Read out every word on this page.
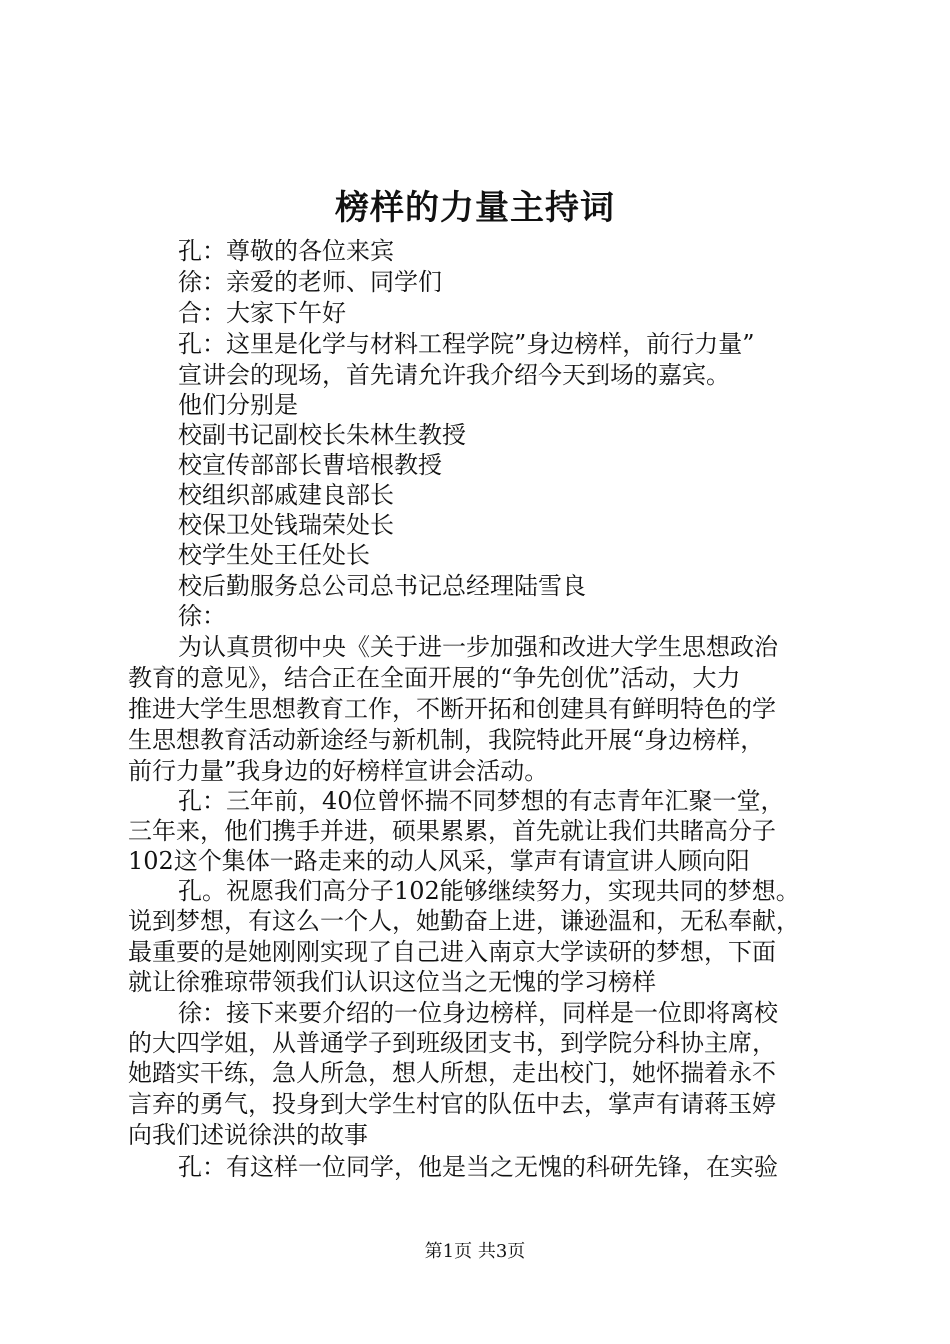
榜样的力量主持词
孔：尊敬的各位来宾
徐：亲爱的老师、同学们
合：大家下午好
孔：这里是化学与材料工程学院”身边榜样，前行力量”
宣讲会的现场，首先请允许我介绍今天到场的嘉宾。
他们分别是
校副书记副校长朱林生教授
校宣传部部长曹培根教授
校组织部戚建良部长
校保卫处钱瑞荣处长
校学生处王任处长
校后勤服务总公司总书记总经理陆雪良
徐：
为认真贯彻中央《关于进一步加强和改进大学生思想政治
教育的意见》，结合正在全面开展的“争先创优”活动，大力
推进大学生思想教育工作，不断开拓和创建具有鲜明特色的学
生思想教育活动新途经与新机制，我院特此开展“身边榜样，
前行力量”我身边的好榜样宣讲会活动。
孔：三年前，40位曾怀揣不同梦想的有志青年汇聚一堂，
三年来，他们携手并进，硕果累累，首先就让我们共睹高分子
102这个集体一路走来的动人风采，掌声有请宣讲人顾向阳
孔。祝愿我们高分子102能够继续努力，实现共同的梦想。
说到梦想，有这么一个人，她勤奋上进，谦逊温和，无私奉献，
最重要的是她刚刚实现了自己进入南京大学读研的梦想，下面
就让徐雅琼带领我们认识这位当之无愧的学习榜样
徐：接下来要介绍的一位身边榜样，同样是一位即将离校
的大四学姐，从普通学子到班级团支书，到学院分科协主席，
她踏实干练，急人所急，想人所想，走出校门，她怀揣着永不
言弃的勇气，投身到大学生村官的队伍中去，掌声有请蒋玉婷
向我们述说徐洪的故事
孔：有这样一位同学，他是当之无愧的科研先锋，在实验
第1页 共3页
